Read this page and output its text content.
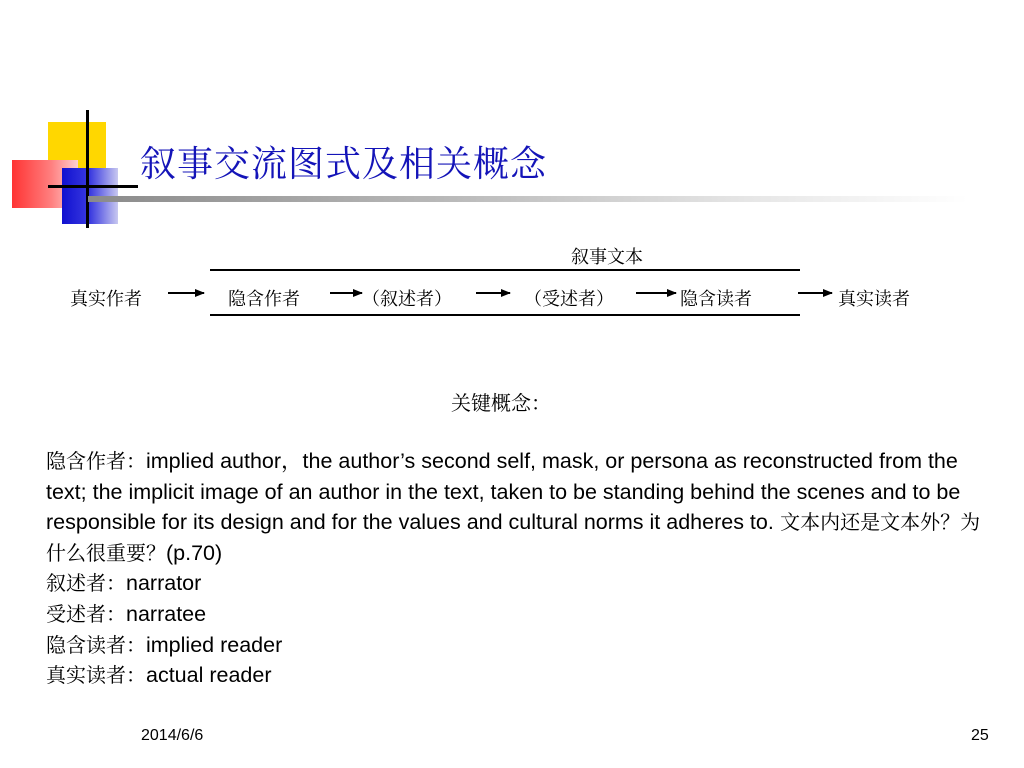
叙事交流图式及相关概念
叙事文本
真实作者	隐含作者	（叙述者）	（受述者）	隐含读者	真实读者
关键概念：

隐含作者：implied author，the author’s second self, mask, or persona as reconstructed from the text; the implicit image of an author in the text, taken to be standing behind the scenes and to be responsible for its design and for the values and cultural norms it adheres to. 文本内还是文本外？为什么很重要？(p.70)

叙述者：narrator

受述者：narratee

隐含读者：implied reader

真实读者：actual reader

2014/6/6	25
